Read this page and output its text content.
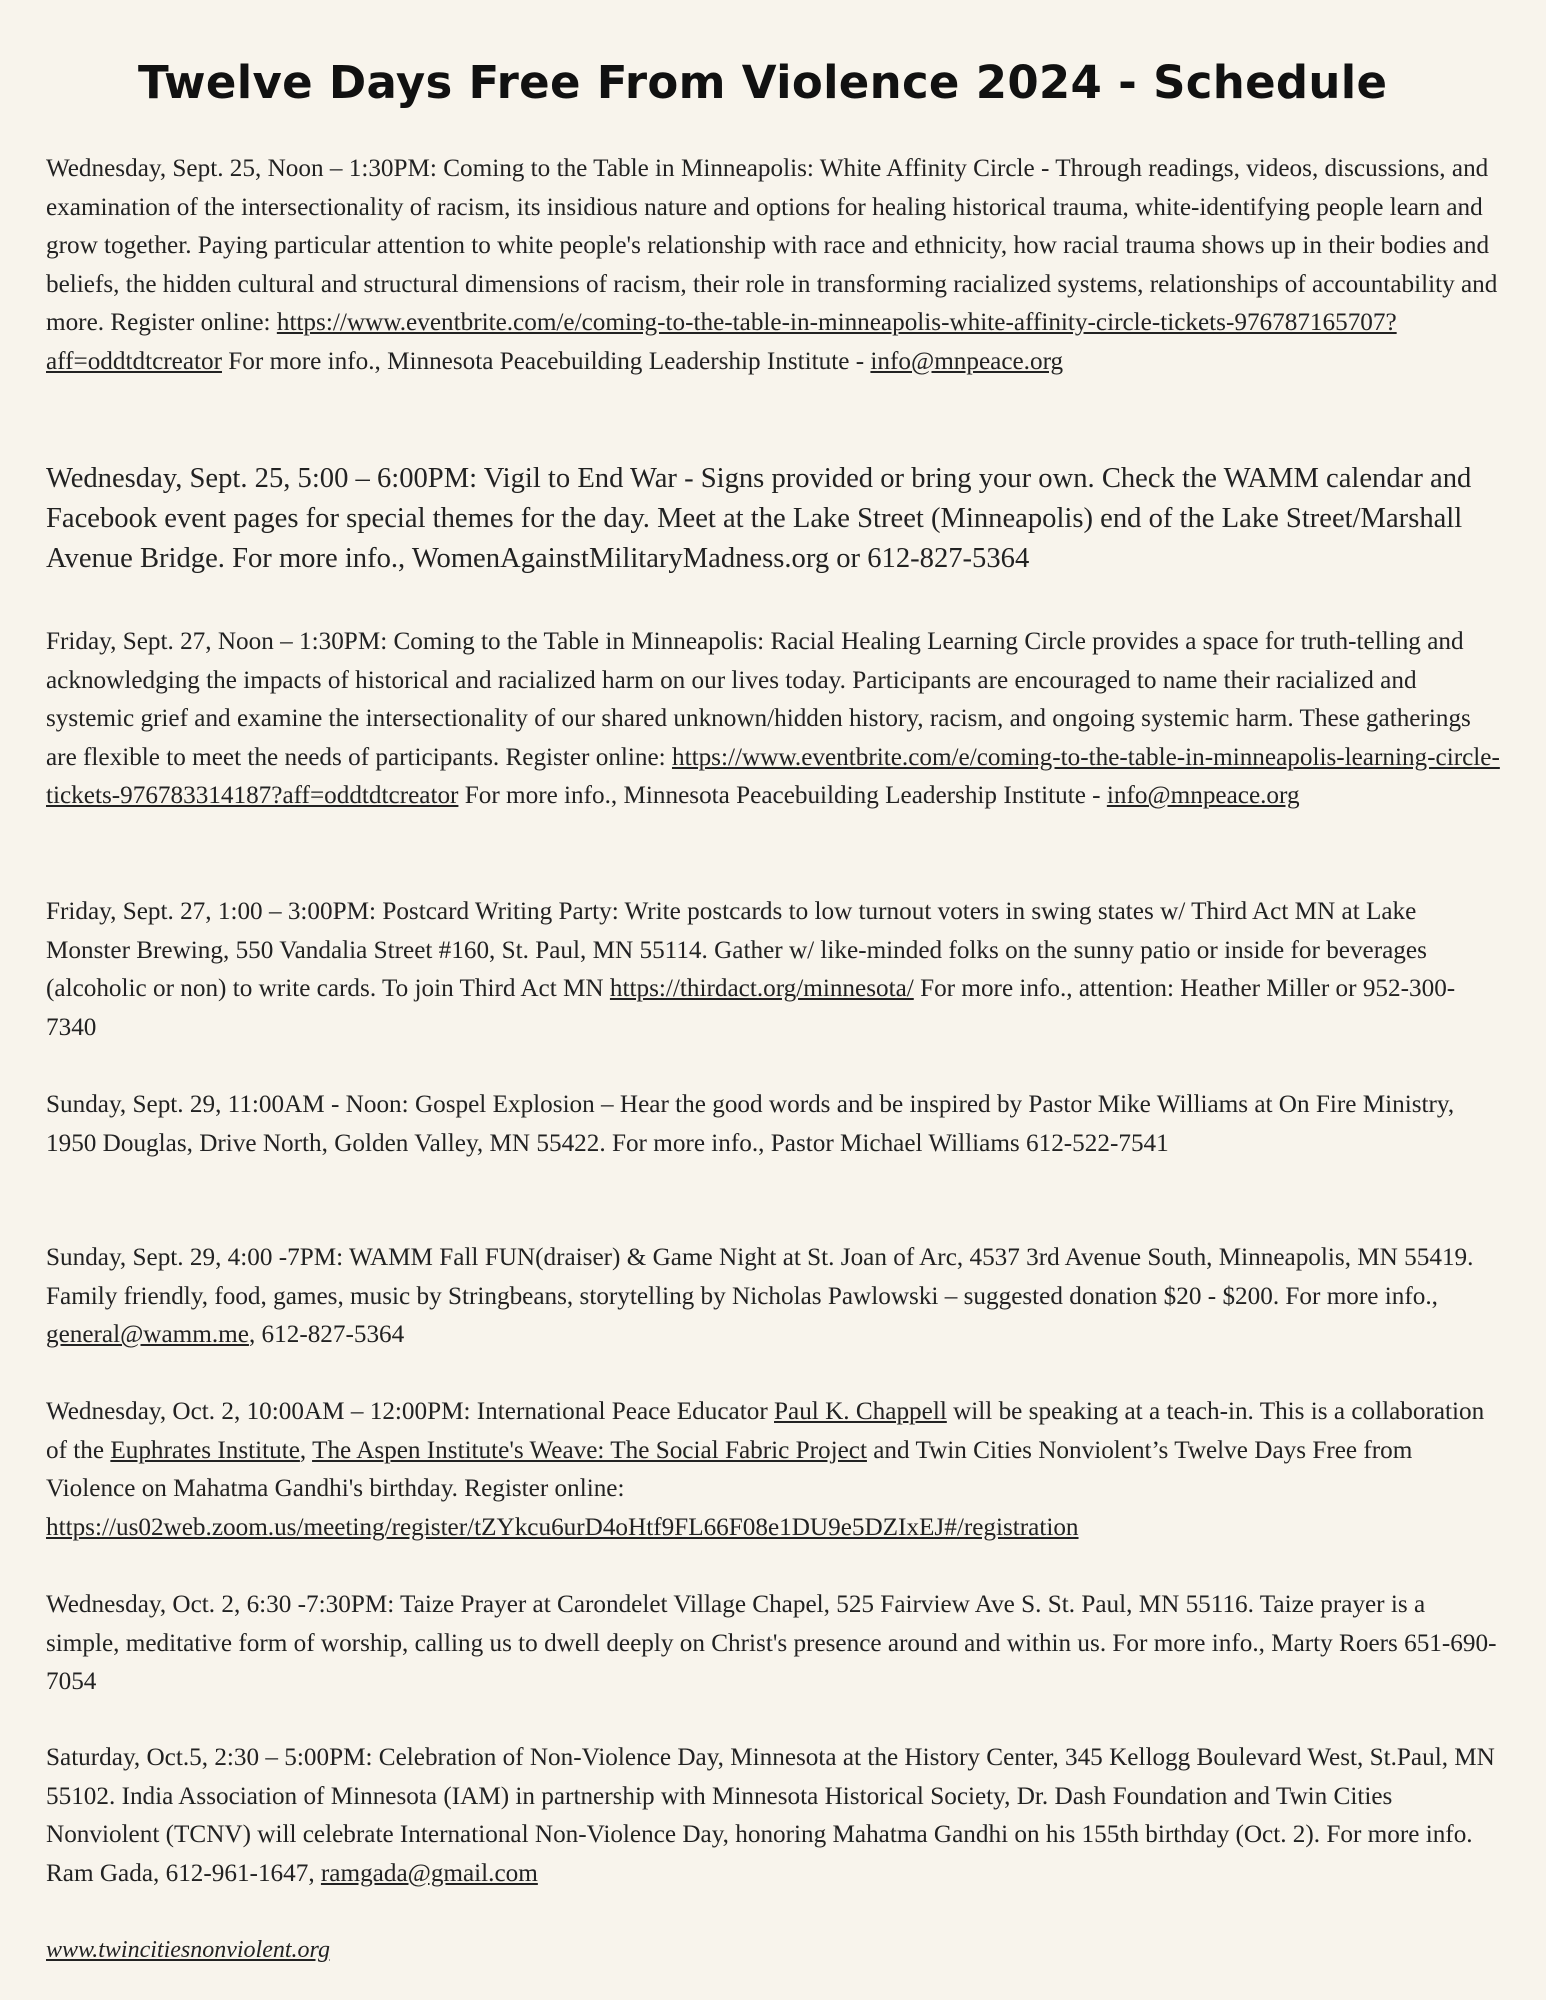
Twelve Days Free From Violence 2024 - Schedule
Wednesday, Sept. 25, Noon – 1:30PM: Coming to the Table in Minneapolis: White Affinity Circle - Through readings, videos, discussions, and examination of the intersectionality of racism, its insidious nature and options for healing historical trauma, white-identifying people learn and grow together. Paying particular attention to white people's relationship with race and ethnicity, how racial trauma shows up in their bodies and beliefs, the hidden cultural and structural dimensions of racism, their role in transforming racialized systems, relationships of accountability and more. Register online: https://www.eventbrite.com/e/coming-to-the-table-in-minneapolis-white-affinity-circle-tickets-976787165707?aff=oddtdtcreator For more info., Minnesota Peacebuilding Leadership Institute - info@mnpeace.org
Wednesday, Sept. 25, 5:00 – 6:00PM: Vigil to End War - Signs provided or bring your own. Check the WAMM calendar and Facebook event pages for special themes for the day. Meet at the Lake Street (Minneapolis) end of the Lake Street/Marshall Avenue Bridge. For more info., WomenAgainstMilitaryMadness.org or 612-827-5364
Friday, Sept. 27, Noon – 1:30PM: Coming to the Table in Minneapolis: Racial Healing Learning Circle provides a space for truth-telling and acknowledging the impacts of historical and racialized harm on our lives today. Participants are encouraged to name their racialized and systemic grief and examine the intersectionality of our shared unknown/hidden history, racism, and ongoing systemic harm. These gatherings are flexible to meet the needs of participants. Register online: https://www.eventbrite.com/e/coming-to-the-table-in-minneapolis-learning-circle-tickets-976783314187?aff=oddtdtcreator For more info., Minnesota Peacebuilding Leadership Institute - info@mnpeace.org
Friday, Sept. 27, 1:00 – 3:00PM: Postcard Writing Party: Write postcards to low turnout voters in swing states w/ Third Act MN at Lake Monster Brewing, 550 Vandalia Street #160, St. Paul, MN 55114. Gather w/ like-minded folks on the sunny patio or inside for beverages (alcoholic or non) to write cards. To join Third Act MN https://thirdact.org/minnesota/ For more info., attention: Heather Miller or 952-300-7340
Sunday, Sept. 29, 11:00AM - Noon: Gospel Explosion – Hear the good words and be inspired by Pastor Mike Williams at On Fire Ministry, 1950 Douglas, Drive North, Golden Valley, MN 55422. For more info., Pastor Michael Williams 612-522-7541
Sunday, Sept. 29, 4:00 -7PM: WAMM Fall FUN(draiser) & Game Night at St. Joan of Arc, 4537 3rd Avenue South, Minneapolis, MN 55419. Family friendly, food, games, music by Stringbeans, storytelling by Nicholas Pawlowski – suggested donation $20 - $200. For more info., general@wamm.me, 612-827-5364
Wednesday, Oct. 2, 10:00AM – 12:00PM: International Peace Educator Paul K. Chappell will be speaking at a teach-in. This is a collaboration of the Euphrates Institute, The Aspen Institute's Weave: The Social Fabric Project and Twin Cities Nonviolent’s Twelve Days Free from Violence on Mahatma Gandhi's birthday. Register online: https://us02web.zoom.us/meeting/register/tZYkcu6urD4oHtf9FL66F08e1DU9e5DZIxEJ#/registration
Wednesday, Oct. 2, 6:30 -7:30PM: Taize Prayer at Carondelet Village Chapel, 525 Fairview Ave S. St. Paul, MN 55116. Taize prayer is a simple, meditative form of worship, calling us to dwell deeply on Christ's presence around and within us. For more info., Marty Roers 651-690-7054
Saturday, Oct.5, 2:30 – 5:00PM: Celebration of Non-Violence Day, Minnesota at the History Center, 345 Kellogg Boulevard West, St.Paul, MN 55102. India Association of Minnesota (IAM) in partnership with Minnesota Historical Society, Dr. Dash Foundation and Twin Cities Nonviolent (TCNV) will celebrate International Non-Violence Day, honoring Mahatma Gandhi on his 155th birthday (Oct. 2). For more info. Ram Gada, 612-961-1647, ramgada@gmail.com
www.twincitiesnonviolent.org
